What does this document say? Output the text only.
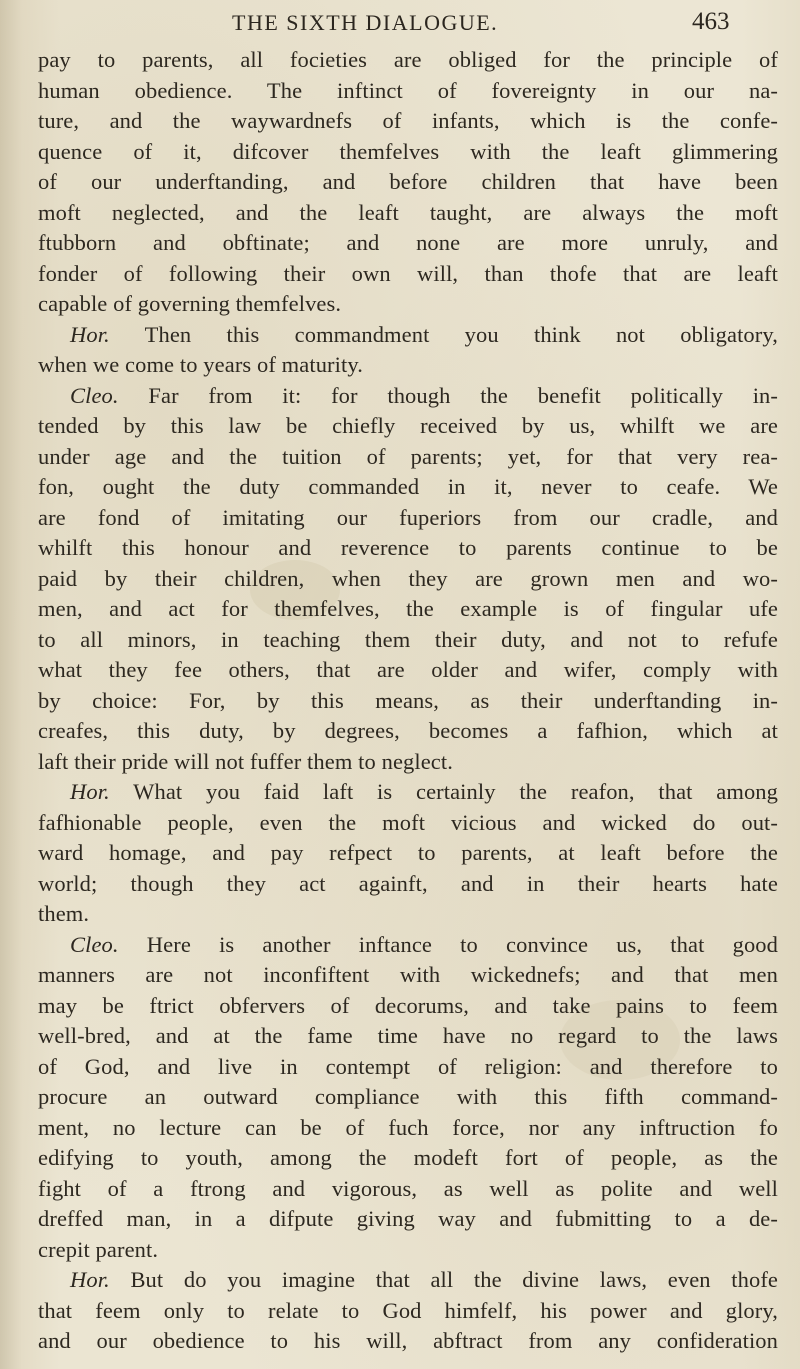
THE SIXTH DIALOGUE.	463
pay to parents, all focieties are obliged for the principle of
human obedience. The inftinct of fovereignty in our na-
ture, and the waywardnefs of infants, which is the confe-
quence of it, difcover themfelves with the leaft glimmering
of our underftanding, and before children that have been
moft neglected, and the leaft taught, are always the moft
ftubborn and obftinate; and none are more unruly, and
fonder of following their own will, than thofe that are leaft
capable of governing themfelves.
Hor. Then this commandment you think not obligatory,
when we come to years of maturity.
Cleo. Far from it: for though the benefit politically in-
tended by this law be chiefly received by us, whilft we are
under age and the tuition of parents; yet, for that very rea-
fon, ought the duty commanded in it, never to ceafe. We
are fond of imitating our fuperiors from our cradle, and
whilft this honour and reverence to parents continue to be
paid by their children, when they are grown men and wo-
men, and act for themfelves, the example is of fingular ufe
to all minors, in teaching them their duty, and not to refufe
what they fee others, that are older and wifer, comply with
by choice: For, by this means, as their underftanding in-
creafes, this duty, by degrees, becomes a fafhion, which at
laft their pride will not fuffer them to neglect.
Hor. What you faid laft is certainly the reafon, that among
fafhionable people, even the moft vicious and wicked do out-
ward homage, and pay refpect to parents, at leaft before the
world; though they act againft, and in their hearts hate
them.
Cleo. Here is another inftance to convince us, that good
manners are not inconfiftent with wickednefs; and that men
may be ftrict obfervers of decorums, and take pains to feem
well-bred, and at the fame time have no regard to the laws
of God, and live in contempt of religion: and therefore to
procure an outward compliance with this fifth command-
ment, no lecture can be of fuch force, nor any inftruction fo
edifying to youth, among the modeft fort of people, as the
fight of a ftrong and vigorous, as well as polite and well
dreffed man, in a difpute giving way and fubmitting to a de-
crepit parent.
Hor. But do you imagine that all the divine laws, even thofe
that feem only to relate to God himfelf, his power and glory,
and our obedience to his will, abftract from any confideration
